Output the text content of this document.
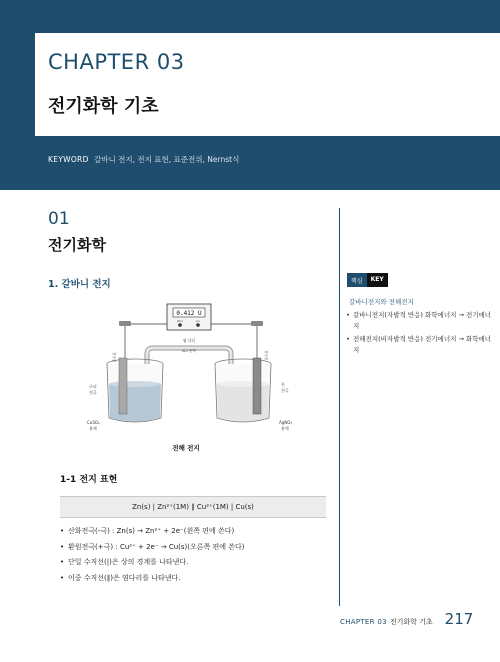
CHAPTER 03
전기화학 기초
KEYWORD 갈바니 전지, 전지 표현, 표준전위, Nernst식
01
전기화학
1. 갈바니 전지	핵심	KEY
갈바니전지와 전해전지
• 갈바니전지(자발적 반응) 화학에너지 → 전기에너지
• 전해전지(비자발적 반응) 전기에너지 → 화학에너지
0.412 U
Zinc	Cu
전극선	전극선
염 다리
KCl 용액
구리
전극
CuSO₄
용액
은
전극
AgNO₃
용액
전해 전지
1-1 전지 표현
Zn(s) | Zn²⁺(1M) ∥ Cu²⁺(1M) | Cu(s)
• 산화전극(-극) : Zn(s) → Zn²⁺ + 2e⁻(왼쪽 편에 쓴다)
• 환원전극(+극) : Cu²⁺ + 2e⁻ → Cu(s)(오른쪽 편에 쓴다)
• 단일 수직선(|)은 상의 경계를 나타낸다.
• 이중 수직선(∥)은 염다리를 나타낸다.
CHAPTER 03 전기화학 기초 217
